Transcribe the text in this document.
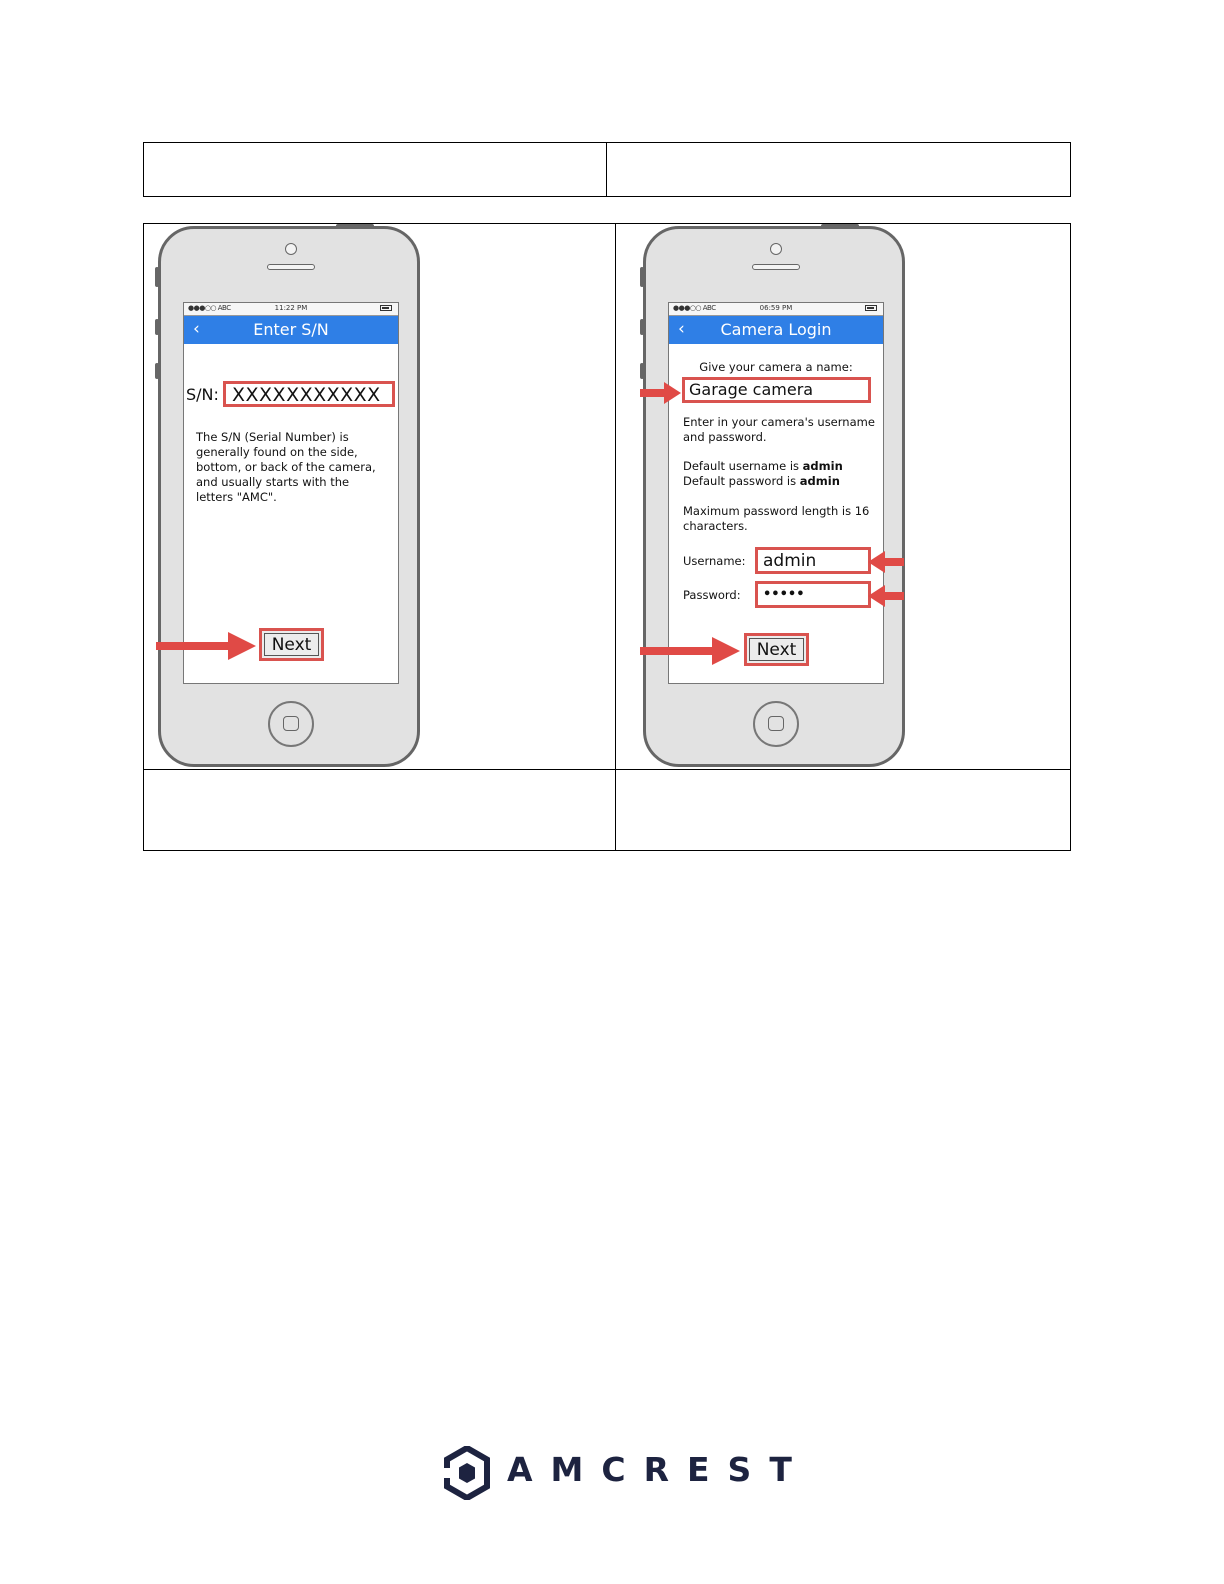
●●●○○ ABC	11:22 PM
‹	Enter S/N
S/N: XXXXXXXXXXX
The S/N (Serial Number) is generally found on the side, bottom, or back of the camera, and usually starts with the letters "AMC".
Next
●●●○○ ABC	06:59 PM
‹	Camera Login
Give your camera a name:
Garage camera
Enter in your camera's username and password.
Default username is admin
Default password is admin
Maximum password length is 16 characters.
Username: admin
Password: •••••
Next
AMCREST
